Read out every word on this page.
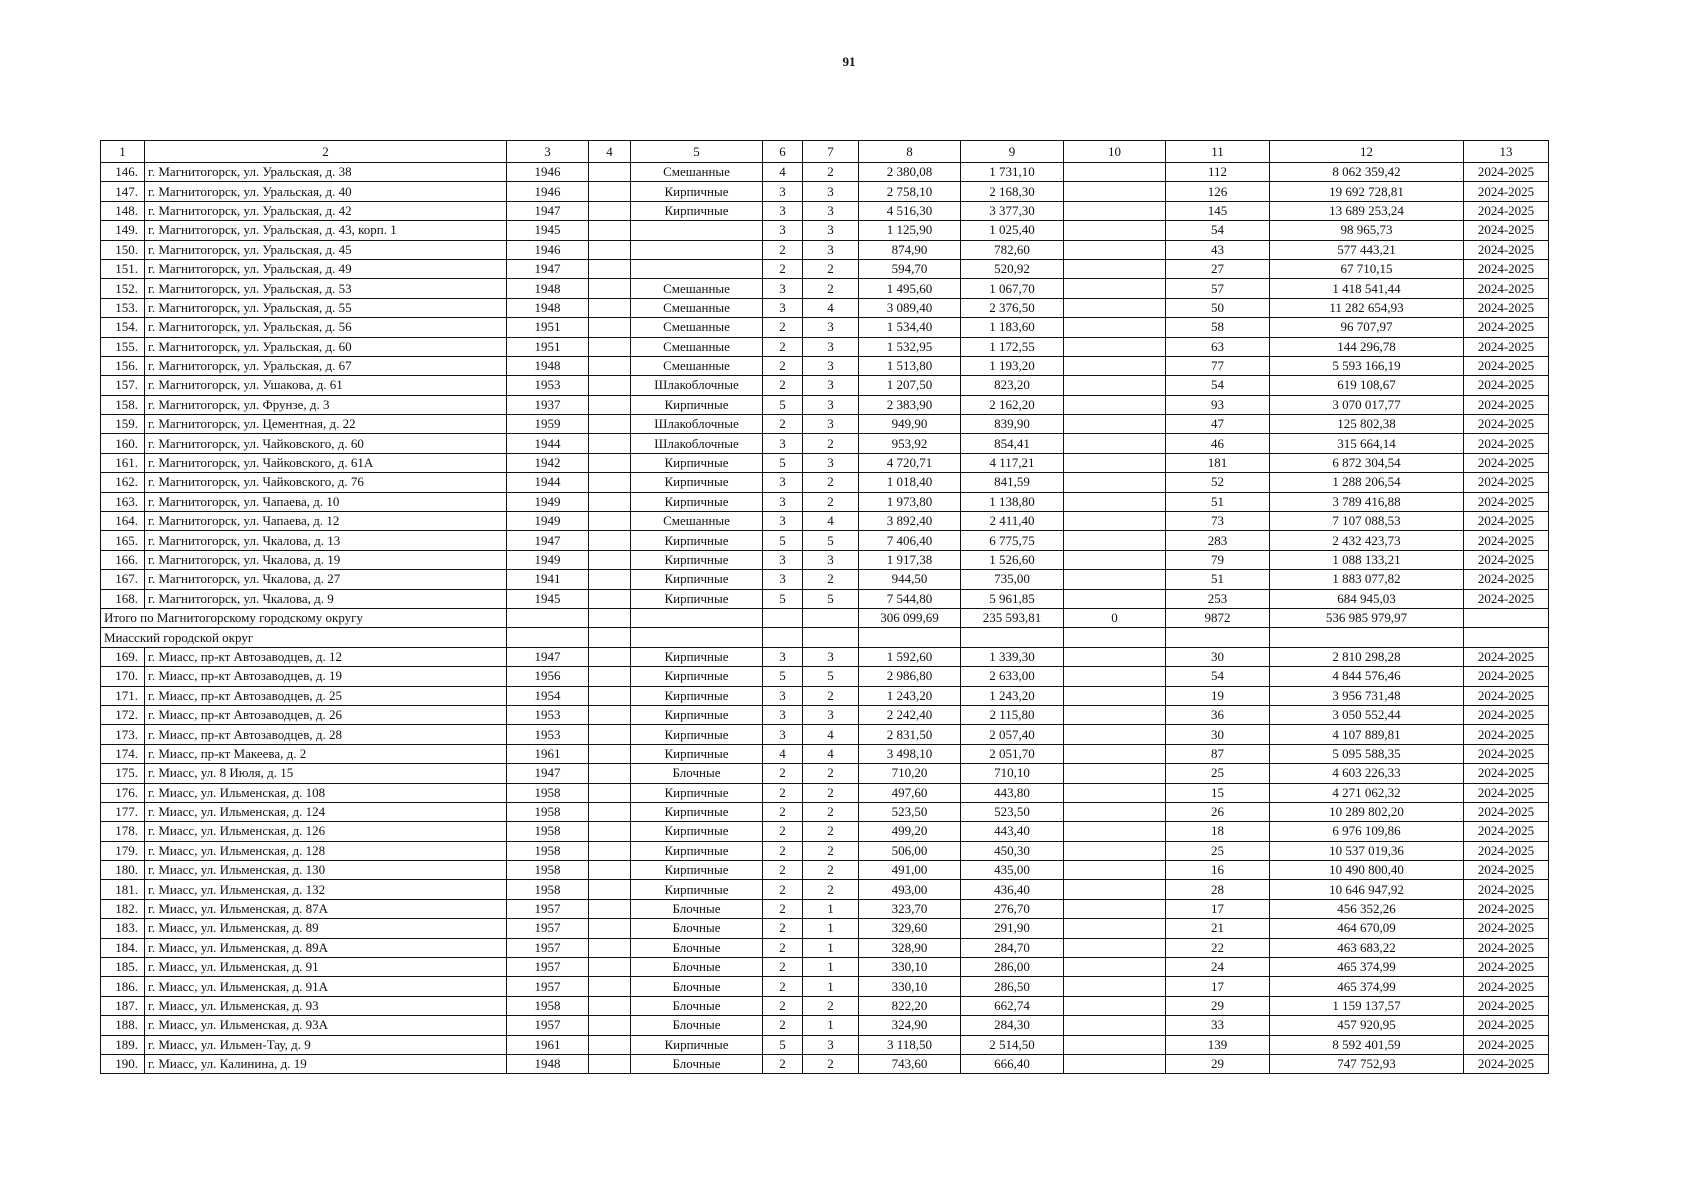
91
1	2	3	4	5	6	7	8	9	10	11	12	13
146.	г. Магнитогорск, ул. Уральская, д. 38	1946		Смешанные	4	2	2 380,08	1 731,10		112	8 062 359,42	2024-2025
147.	г. Магнитогорск, ул. Уральская, д. 40	1946		Кирпичные	3	3	2 758,10	2 168,30		126	19 692 728,81	2024-2025
148.	г. Магнитогорск, ул. Уральская, д. 42	1947		Кирпичные	3	3	4 516,30	3 377,30		145	13 689 253,24	2024-2025
149.	г. Магнитогорск, ул. Уральская, д. 43, корп. 1	1945			3	3	1 125,90	1 025,40		54	98 965,73	2024-2025
150.	г. Магнитогорск, ул. Уральская, д. 45	1946			2	3	874,90	782,60		43	577 443,21	2024-2025
151.	г. Магнитогорск, ул. Уральская, д. 49	1947			2	2	594,70	520,92		27	67 710,15	2024-2025
152.	г. Магнитогорск, ул. Уральская, д. 53	1948		Смешанные	3	2	1 495,60	1 067,70		57	1 418 541,44	2024-2025
153.	г. Магнитогорск, ул. Уральская, д. 55	1948		Смешанные	3	4	3 089,40	2 376,50		50	11 282 654,93	2024-2025
154.	г. Магнитогорск, ул. Уральская, д. 56	1951		Смешанные	2	3	1 534,40	1 183,60		58	96 707,97	2024-2025
155.	г. Магнитогорск, ул. Уральская, д. 60	1951		Смешанные	2	3	1 532,95	1 172,55		63	144 296,78	2024-2025
156.	г. Магнитогорск, ул. Уральская, д. 67	1948		Смешанные	2	3	1 513,80	1 193,20		77	5 593 166,19	2024-2025
157.	г. Магнитогорск, ул. Ушакова, д. 61	1953		Шлакоблочные	2	3	1 207,50	823,20		54	619 108,67	2024-2025
158.	г. Магнитогорск, ул. Фрунзе, д. 3	1937		Кирпичные	5	3	2 383,90	2 162,20		93	3 070 017,77	2024-2025
159.	г. Магнитогорск, ул. Цементная, д. 22	1959		Шлакоблочные	2	3	949,90	839,90		47	125 802,38	2024-2025
160.	г. Магнитогорск, ул. Чайковского, д. 60	1944		Шлакоблочные	3	2	953,92	854,41		46	315 664,14	2024-2025
161.	г. Магнитогорск, ул. Чайковского, д. 61А	1942		Кирпичные	5	3	4 720,71	4 117,21		181	6 872 304,54	2024-2025
162.	г. Магнитогорск, ул. Чайковского, д. 76	1944		Кирпичные	3	2	1 018,40	841,59		52	1 288 206,54	2024-2025
163.	г. Магнитогорск, ул. Чапаева, д. 10	1949		Кирпичные	3	2	1 973,80	1 138,80		51	3 789 416,88	2024-2025
164.	г. Магнитогорск, ул. Чапаева, д. 12	1949		Смешанные	3	4	3 892,40	2 411,40		73	7 107 088,53	2024-2025
165.	г. Магнитогорск, ул. Чкалова, д. 13	1947		Кирпичные	5	5	7 406,40	6 775,75		283	2 432 423,73	2024-2025
166.	г. Магнитогорск, ул. Чкалова, д. 19	1949		Кирпичные	3	3	1 917,38	1 526,60		79	1 088 133,21	2024-2025
167.	г. Магнитогорск, ул. Чкалова, д. 27	1941		Кирпичные	3	2	944,50	735,00		51	1 883 077,82	2024-2025
168.	г. Магнитогорск, ул. Чкалова, д. 9	1945		Кирпичные	5	5	7 544,80	5 961,85		253	684 945,03	2024-2025
Итого по Магнитогорскому городскому округу							306 099,69	235 593,81	0	9872	536 985 979,97	
Миасский городской округ												
169.	г. Миасс, пр-кт Автозаводцев, д. 12	1947		Кирпичные	3	3	1 592,60	1 339,30		30	2 810 298,28	2024-2025
170.	г. Миасс, пр-кт Автозаводцев, д. 19	1956		Кирпичные	5	5	2 986,80	2 633,00		54	4 844 576,46	2024-2025
171.	г. Миасс, пр-кт Автозаводцев, д. 25	1954		Кирпичные	3	2	1 243,20	1 243,20		19	3 956 731,48	2024-2025
172.	г. Миасс, пр-кт Автозаводцев, д. 26	1953		Кирпичные	3	3	2 242,40	2 115,80		36	3 050 552,44	2024-2025
173.	г. Миасс, пр-кт Автозаводцев, д. 28	1953		Кирпичные	3	4	2 831,50	2 057,40		30	4 107 889,81	2024-2025
174.	г. Миасс, пр-кт Макеева, д. 2	1961		Кирпичные	4	4	3 498,10	2 051,70		87	5 095 588,35	2024-2025
175.	г. Миасс, ул. 8 Июля, д. 15	1947		Блочные	2	2	710,20	710,10		25	4 603 226,33	2024-2025
176.	г. Миасс, ул. Ильменская, д. 108	1958		Кирпичные	2	2	497,60	443,80		15	4 271 062,32	2024-2025
177.	г. Миасс, ул. Ильменская, д. 124	1958		Кирпичные	2	2	523,50	523,50		26	10 289 802,20	2024-2025
178.	г. Миасс, ул. Ильменская, д. 126	1958		Кирпичные	2	2	499,20	443,40		18	6 976 109,86	2024-2025
179.	г. Миасс, ул. Ильменская, д. 128	1958		Кирпичные	2	2	506,00	450,30		25	10 537 019,36	2024-2025
180.	г. Миасс, ул. Ильменская, д. 130	1958		Кирпичные	2	2	491,00	435,00		16	10 490 800,40	2024-2025
181.	г. Миасс, ул. Ильменская, д. 132	1958		Кирпичные	2	2	493,00	436,40		28	10 646 947,92	2024-2025
182.	г. Миасс, ул. Ильменская, д. 87А	1957		Блочные	2	1	323,70	276,70		17	456 352,26	2024-2025
183.	г. Миасс, ул. Ильменская, д. 89	1957		Блочные	2	1	329,60	291,90		21	464 670,09	2024-2025
184.	г. Миасс, ул. Ильменская, д. 89А	1957		Блочные	2	1	328,90	284,70		22	463 683,22	2024-2025
185.	г. Миасс, ул. Ильменская, д. 91	1957		Блочные	2	1	330,10	286,00		24	465 374,99	2024-2025
186.	г. Миасс, ул. Ильменская, д. 91А	1957		Блочные	2	1	330,10	286,50		17	465 374,99	2024-2025
187.	г. Миасс, ул. Ильменская, д. 93	1958		Блочные	2	2	822,20	662,74		29	1 159 137,57	2024-2025
188.	г. Миасс, ул. Ильменская, д. 93А	1957		Блочные	2	1	324,90	284,30		33	457 920,95	2024-2025
189.	г. Миасс, ул. Ильмен-Тау, д. 9	1961		Кирпичные	5	3	3 118,50	2 514,50		139	8 592 401,59	2024-2025
190.	г. Миасс, ул. Калинина, д. 19	1948		Блочные	2	2	743,60	666,40		29	747 752,93	2024-2025
